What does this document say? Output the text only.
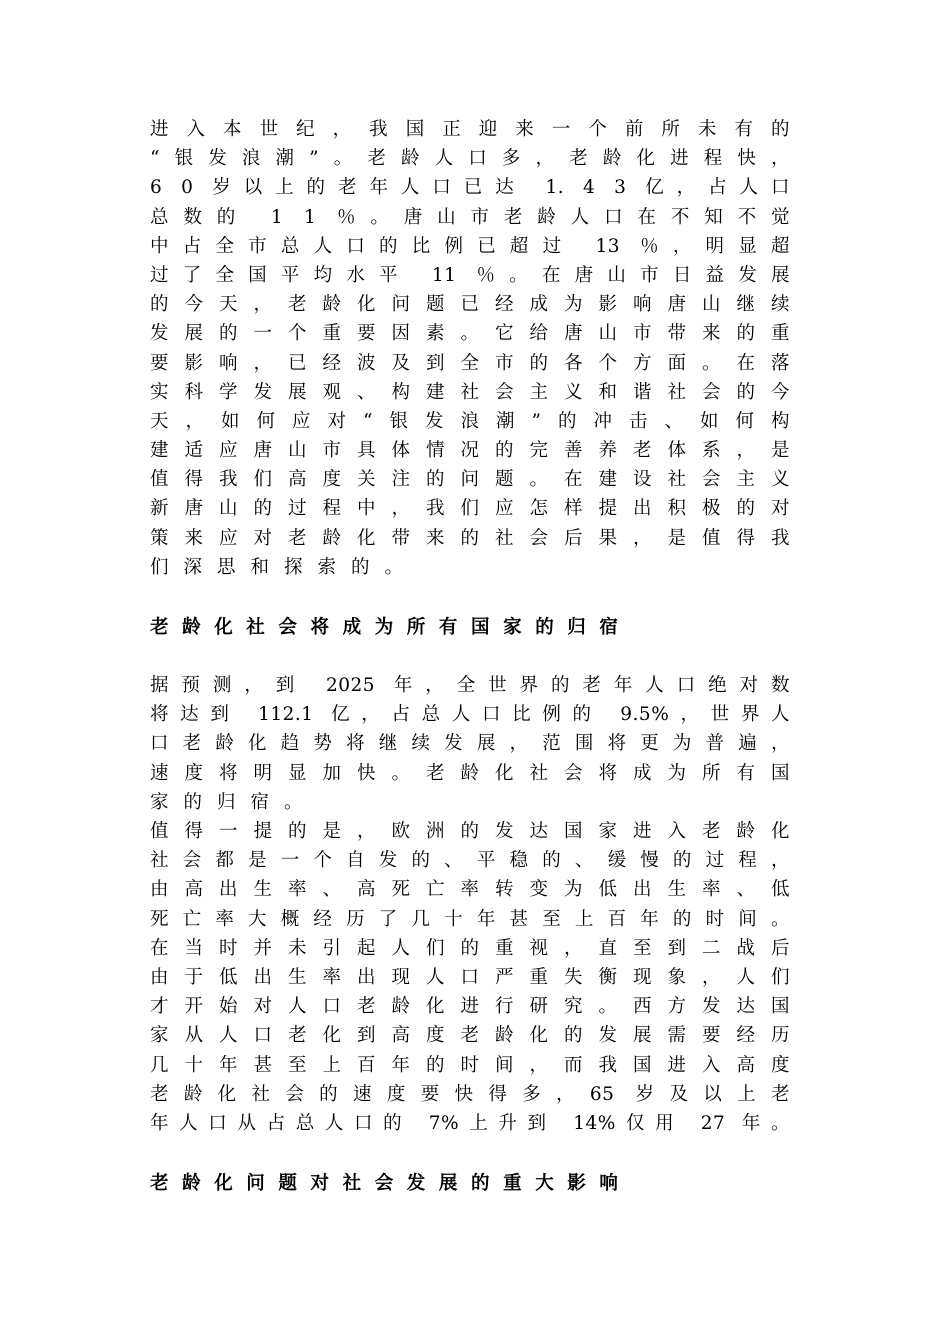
进入本世纪，我国正迎来一个前所未有的
“银发浪潮”。老龄人口多，老龄化进程快，
6 0 岁以上的老年人口已达 1. 4 3 亿，占人口
总数的 1 1 ％。唐山市老龄人口在不知不觉
中占全市总人口的比例已超过 13 ％，明显超
过了全国平均水平 11 ％。在唐山市日益发展
的今天，老龄化问题已经成为影响唐山继续
发展的一个重要因素。它给唐山市带来的重
要影响，已经波及到全市的各个方面。在落
实科学发展观、构建社会主义和谐社会的今
天，如何应对“银发浪潮”的冲击、如何构
建适应唐山市具体情况的完善养老体系，是
值得我们高度关注的问题。在建设社会主义
新唐山的过程中，我们应怎样提出积极的对
策来应对老龄化带来的社会后果，是值得我
们深思和探索的。
老龄化社会将成为所有国家的归宿
据预测，到 2025 年，全世界的老年人口绝对数
将达到 112.1 亿，占总人口比例的 9.5%，世界人
口老龄化趋势将继续发展，范围将更为普遍，
速度将明显加快。老龄化社会将成为所有国
家的归宿。
值得一提的是，欧洲的发达国家进入老龄化
社会都是一个自发的、平稳的、缓慢的过程，
由高出生率、高死亡率转变为低出生率、低
死亡率大概经历了几十年甚至上百年的时间。
在当时并未引起人们的重视，直至到二战后
由于低出生率出现人口严重失衡现象，人们
才开始对人口老龄化进行研究。西方发达国
家从人口老化到高度老龄化的发展需要经历
几十年甚至上百年的时间，而我国进入高度
老龄化社会的速度要快得多，65 岁及以上老
年人口从占总人口的 7%上升到 14%仅用 27 年。
老龄化问题对社会发展的重大影响
